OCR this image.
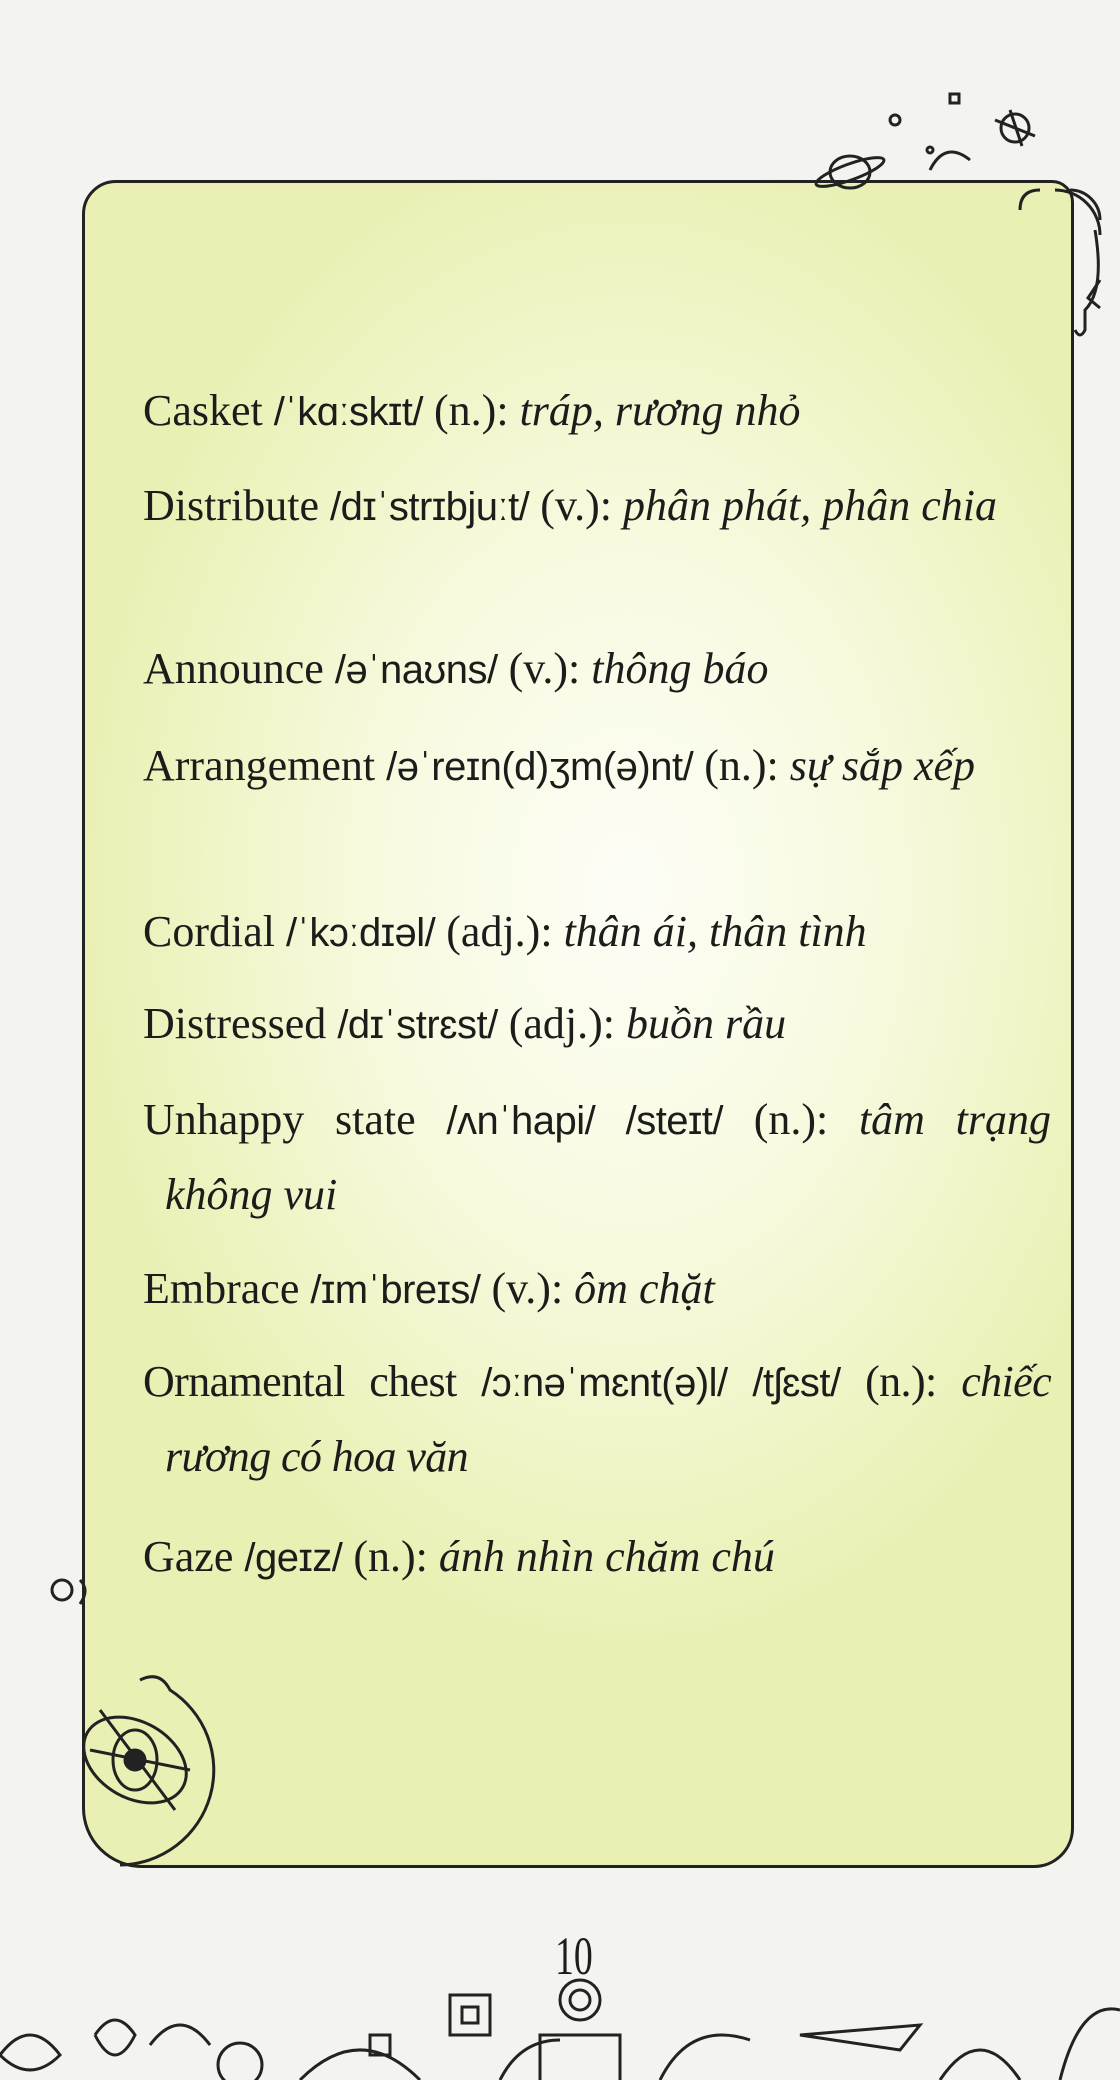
Casket /ˈkɑːskɪt/ (n.): tráp, rương nhỏ
Distribute /dɪˈstrɪbjuːt/ (v.): phân phát, phân chia
Announce /əˈnaʊns/ (v.): thông báo
Arrangement /əˈreɪn(d)ʒm(ə)nt/ (n.): sự sắp xếp
Cordial /ˈkɔːdɪəl/ (adj.): thân ái, thân tình
Distressed /dɪˈstrɛst/ (adj.): buồn rầu
Unhappy state /ʌnˈhapi/ /steɪt/ (n.): tâm trạng không vui
Embrace /ɪmˈbreɪs/ (v.): ôm chặt
Ornamental chest /ɔːnəˈmɛnt(ə)l/ /tʃɛst/ (n.): chiếc rương có hoa văn
Gaze /geɪz/ (n.): ánh nhìn chăm chú
10
